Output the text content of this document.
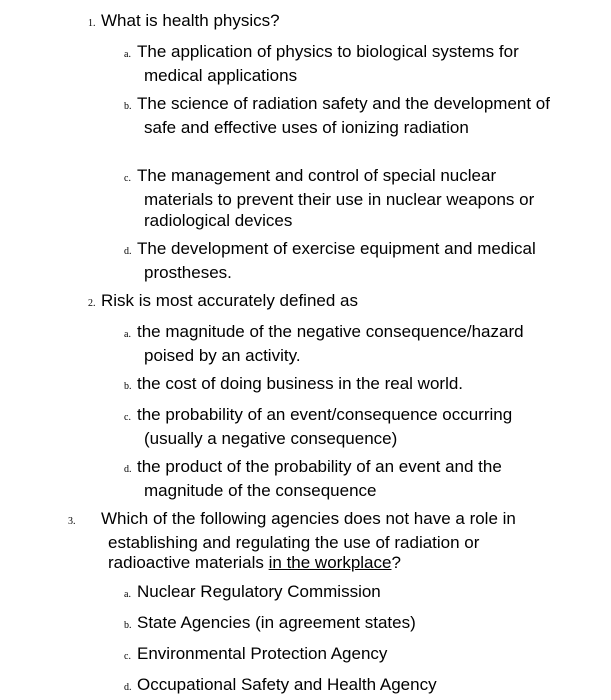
1. What is health physics?
a. The application of physics to biological systems for medical applications
b. The science of radiation safety and the development of safe and effective uses of ionizing radiation
c. The management and control of special nuclear materials to prevent their use in nuclear weapons or radiological devices
d. The development of exercise equipment and medical prostheses.
2. Risk is most accurately defined as
a. the magnitude of the negative consequence/hazard poised by an activity.
b. the cost of doing business in the real world.
c. the probability of an event/consequence occurring (usually a negative consequence)
d. the product of the probability of an event and the magnitude of the consequence
3. Which of the following agencies does not have a role in establishing and regulating the use of radiation or radioactive materials in the workplace?
a. Nuclear Regulatory Commission
b. State Agencies (in agreement states)
c. Environmental Protection Agency
d. Occupational Safety and Health Agency
